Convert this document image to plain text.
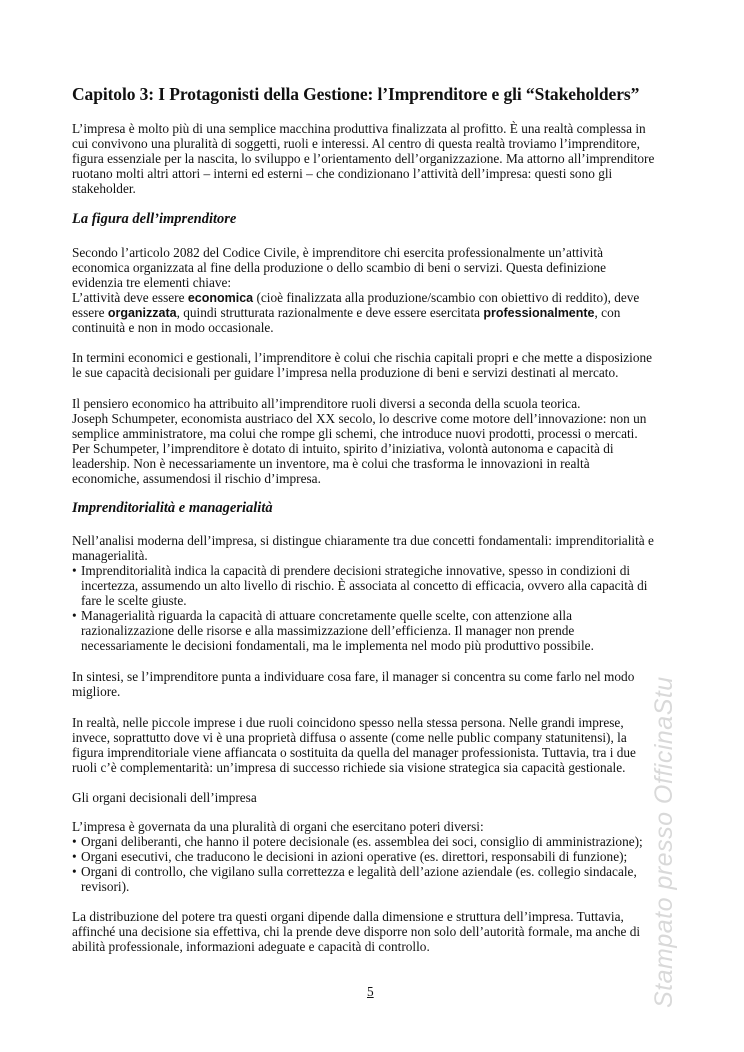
Stampato presso OfficinaStu
Capitolo 3: I Protagonisti della Gestione: l’Imprenditore e gli “Stakeholders”
L’impresa è molto più di una semplice macchina produttiva finalizzata al profitto. È una realtà complessa in
cui convivono una pluralità di soggetti, ruoli e interessi. Al centro di questa realtà troviamo l’imprenditore,
figura essenziale per la nascita, lo sviluppo e l’orientamento dell’organizzazione. Ma attorno all’imprenditore
ruotano molti altri attori – interni ed esterni – che condizionano l’attività dell’impresa: questi sono gli
stakeholder.
La figura dell’imprenditore
Secondo l’articolo 2082 del Codice Civile, è imprenditore chi esercita professionalmente un’attività
economica organizzata al fine della produzione o dello scambio di beni o servizi. Questa definizione
evidenzia tre elementi chiave:
L’attività deve essere economica (cioè finalizzata alla produzione/scambio con obiettivo di reddito), deve
essere organizzata, quindi strutturata razionalmente e deve essere esercitata professionalmente, con
continuità e non in modo occasionale.
In termini economici e gestionali, l’imprenditore è colui che rischia capitali propri e che mette a disposizione
le sue capacità decisionali per guidare l’impresa nella produzione di beni e servizi destinati al mercato.
Il pensiero economico ha attribuito all’imprenditore ruoli diversi a seconda della scuola teorica.
Joseph Schumpeter, economista austriaco del XX secolo, lo descrive come motore dell’innovazione: non un
semplice amministratore, ma colui che rompe gli schemi, che introduce nuovi prodotti, processi o mercati.
Per Schumpeter, l’imprenditore è dotato di intuito, spirito d’iniziativa, volontà autonoma e capacità di
leadership. Non è necessariamente un inventore, ma è colui che trasforma le innovazioni in realtà
economiche, assumendosi il rischio d’impresa.
Imprenditorialità e managerialità
Nell’analisi moderna dell’impresa, si distingue chiaramente tra due concetti fondamentali: imprenditorialità e
managerialità.
• Imprenditorialità indica la capacità di prendere decisioni strategiche innovative, spesso in condizioni di
incertezza, assumendo un alto livello di rischio. È associata al concetto di efficacia, ovvero alla capacità di
fare le scelte giuste.
• Managerialità riguarda la capacità di attuare concretamente quelle scelte, con attenzione alla
razionalizzazione delle risorse e alla massimizzazione dell’efficienza. Il manager non prende
necessariamente le decisioni fondamentali, ma le implementa nel modo più produttivo possibile.
In sintesi, se l’imprenditore punta a individuare cosa fare, il manager si concentra su come farlo nel modo
migliore.
In realtà, nelle piccole imprese i due ruoli coincidono spesso nella stessa persona. Nelle grandi imprese,
invece, soprattutto dove vi è una proprietà diffusa o assente (come nelle public company statunitensi), la
figura imprenditoriale viene affiancata o sostituita da quella del manager professionista. Tuttavia, tra i due
ruoli c’è complementarità: un’impresa di successo richiede sia visione strategica sia capacità gestionale.
Gli organi decisionali dell’impresa
L’impresa è governata da una pluralità di organi che esercitano poteri diversi:
• Organi deliberanti, che hanno il potere decisionale (es. assemblea dei soci, consiglio di amministrazione);
• Organi esecutivi, che traducono le decisioni in azioni operative (es. direttori, responsabili di funzione);
• Organi di controllo, che vigilano sulla correttezza e legalità dell’azione aziendale (es. collegio sindacale,
revisori).
La distribuzione del potere tra questi organi dipende dalla dimensione e struttura dell’impresa. Tuttavia,
affinché una decisione sia effettiva, chi la prende deve disporre non solo dell’autorità formale, ma anche di
abilità professionale, informazioni adeguate e capacità di controllo.
5
